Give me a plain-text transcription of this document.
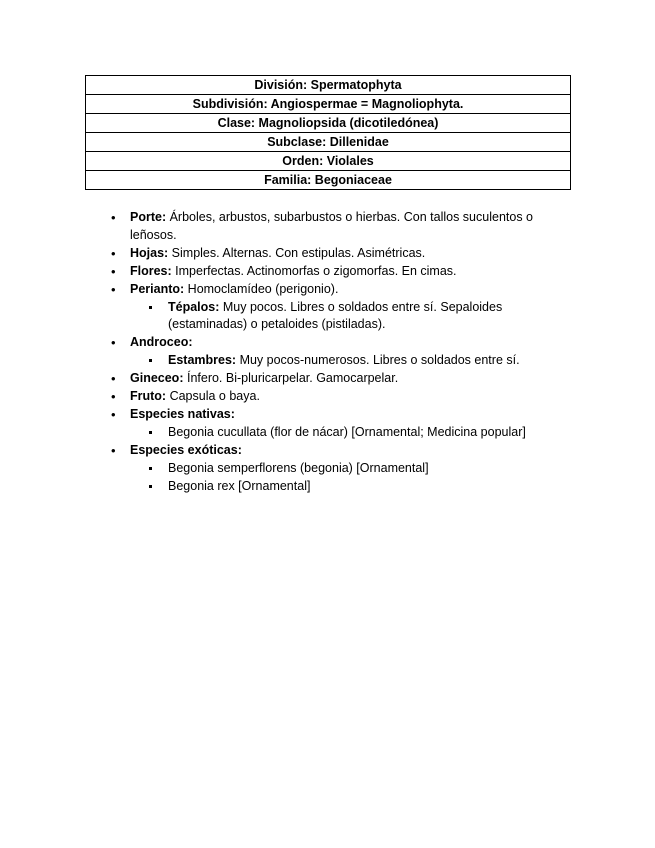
División: Spermatophyta
Subdivisión: Angiospermae = Magnoliophyta.
Clase: Magnoliopsida (dicotiledónea)
Subclase: Dillenidae
Orden: Violales
Familia: Begoniaceae
• Porte: Árboles, arbustos, subarbustos o hierbas. Con tallos suculentos o leñosos.
• Hojas: Simples. Alternas. Con estipulas. Asimétricas.
• Flores: Imperfectas. Actinomorfas o zigomorfas. En cimas.
• Perianto: Homoclamídeo (perigonio).
Tépalos: Muy pocos. Libres o soldados entre sí. Sepaloides (estaminadas) o petaloides (pistiladas).
• Androceo:
Estambres: Muy pocos-numerosos. Libres o soldados entre sí.
• Gineceo: Ínfero. Bi-pluricarpelar. Gamocarpelar.
• Fruto: Capsula o baya.
• Especies nativas:
Begonia cucullata (flor de nácar) [Ornamental; Medicina popular]
• Especies exóticas:
Begonia semperflorens (begonia) [Ornamental]
Begonia rex [Ornamental]
